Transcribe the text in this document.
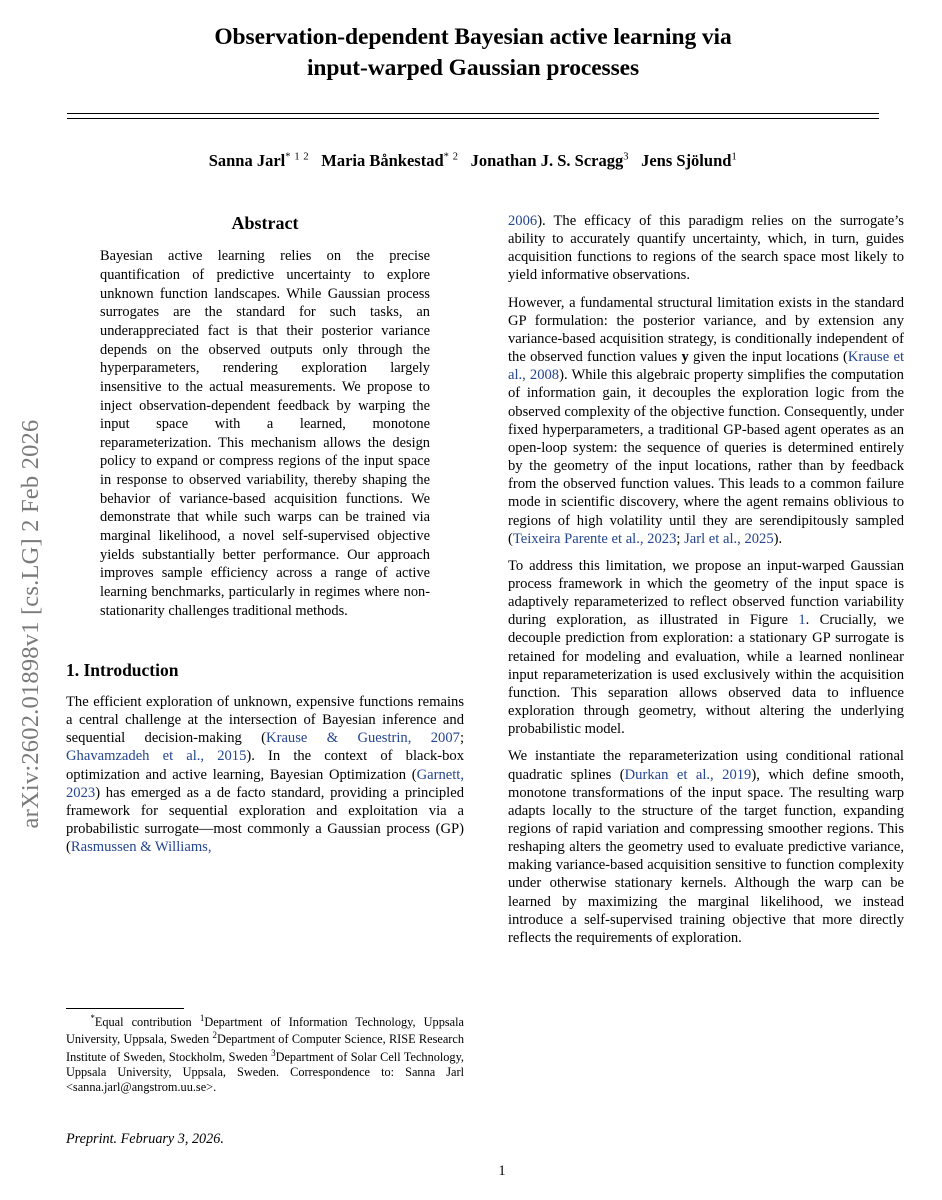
arXiv:2602.01898v1 [cs.LG] 2 Feb 2026
Observation-dependent Bayesian active learning via
input-warped Gaussian processes
Sanna Jarl$^{* 1 2}$ Maria Bånkestad$^{* 2}$ Jonathan J. S. Scragg$^3$ Jens Sjölund$^1$
Abstract
Bayesian active learning relies on the precise quantification of predictive uncertainty to explore unknown function landscapes. While Gaussian process surrogates are the standard for such tasks, an underappreciated fact is that their posterior variance depends on the observed outputs only through the hyperparameters, rendering exploration largely insensitive to the actual measurements. We propose to inject observation-dependent feedback by warping the input space with a learned, monotone reparameterization. This mechanism allows the design policy to expand or compress regions of the input space in response to observed variability, thereby shaping the behavior of variance-based acquisition functions. We demonstrate that while such warps can be trained via marginal likelihood, a novel self-supervised objective yields substantially better performance. Our approach improves sample efficiency across a range of active learning benchmarks, particularly in regimes where non-stationarity challenges traditional methods.
1. Introduction

The efficient exploration of unknown, expensive functions remains a central challenge at the intersection of Bayesian inference and sequential decision-making (Krause & Guestrin, 2007; Ghavamzadeh et al., 2015). In the context of black-box optimization and active learning, Bayesian Optimization (Garnett, 2023) has emerged as a de facto standard, providing a principled framework for sequential exploration and exploitation via a probabilistic surrogate—most commonly a Gaussian process (GP) (Rasmussen & Williams,

2006). The efficacy of this paradigm relies on the surrogate’s ability to accurately quantify uncertainty, which, in turn, guides acquisition functions to regions of the search space most likely to yield informative observations.

However, a fundamental structural limitation exists in the standard GP formulation: the posterior variance, and by extension any variance-based acquisition strategy, is conditionally independent of the observed function values y given the input locations (Krause et al., 2008). While this algebraic property simplifies the computation of information gain, it decouples the exploration logic from the observed complexity of the objective function. Consequently, under fixed hyperparameters, a traditional GP-based agent operates as an open-loop system: the sequence of queries is determined entirely by the geometry of the input locations, rather than by feedback from the observed function values. This leads to a common failure mode in scientific discovery, where the agent remains oblivious to regions of high volatility until they are serendipitously sampled (Teixeira Parente et al., 2023; Jarl et al., 2025).

To address this limitation, we propose an input-warped Gaussian process framework in which the geometry of the input space is adaptively reparameterized to reflect observed function variability during exploration, as illustrated in Figure 1. Crucially, we decouple prediction from exploration: a stationary GP surrogate is retained for modeling and evaluation, while a learned nonlinear input reparameterization is used exclusively within the acquisition function. This separation allows observed data to influence exploration through geometry, without altering the underlying probabilistic model.

We instantiate the reparameterization using conditional rational quadratic splines (Durkan et al., 2019), which define smooth, monotone transformations of the input space. The resulting warp adapts locally to the structure of the target function, expanding regions of rapid variation and compressing smoother regions. This reshaping alters the geometry used to evaluate predictive variance, making variance-based acquisition sensitive to function complexity under otherwise stationary kernels. Although the warp can be learned by maximizing the marginal likelihood, we instead introduce a self-supervised training objective that more directly reflects the requirements of exploration.

*Equal contribution $^1$Department of Information Technology, Uppsala University, Uppsala, Sweden $^2$Department of Computer Science, RISE Research Institute of Sweden, Stockholm, Sweden $^3$Department of Solar Cell Technology, Uppsala University, Uppsala, Sweden. Correspondence to: Sanna Jarl <sanna.jarl@angstrom.uu.se>.
Preprint. February 3, 2026.
1
